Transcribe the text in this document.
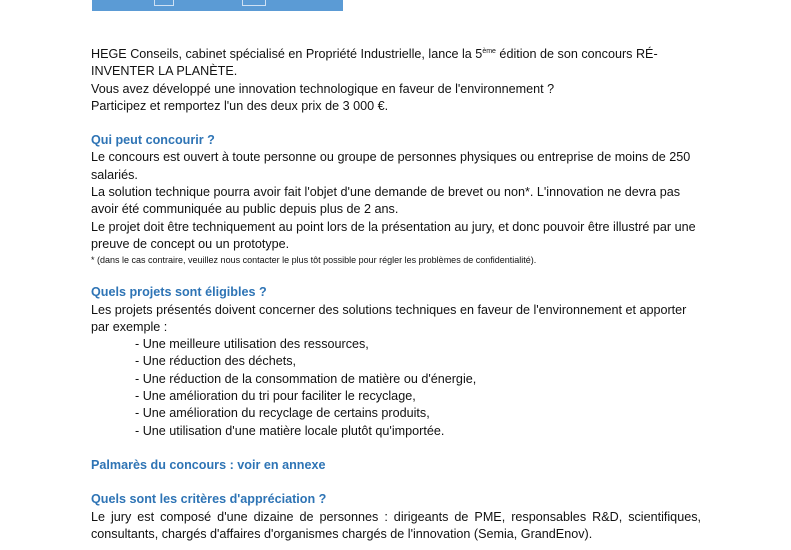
HEGE Conseils, cabinet spécialisé en Propriété Industrielle, lance la 5ème édition de son concours RÉ-INVENTER LA PLANÈTE.

Vous avez développé une innovation technologique en faveur de l'environnement ?

Participez et remportez l'un des deux prix de 3 000 €.

Qui peut concourir ?

Le concours est ouvert à toute personne ou groupe de personnes physiques ou entreprise de moins de 250 salariés.

La solution technique pourra avoir fait l'objet d'une demande de brevet ou non*. L'innovation ne devra pas avoir été communiquée au public depuis plus de 2 ans.

Le projet doit être techniquement au point lors de la présentation au jury, et donc pouvoir être illustré par une preuve de concept ou un prototype.

* (dans le cas contraire, veuillez nous contacter le plus tôt possible pour régler les problèmes de confidentialité).

Quels projets sont éligibles ?

Les projets présentés doivent concerner des solutions techniques en faveur de l'environnement et apporter par exemple :

- Une meilleure utilisation des ressources,
- Une réduction des déchets,
- Une réduction de la consommation de matière ou d'énergie,
- Une amélioration du tri pour faciliter le recyclage,
- Une amélioration du recyclage de certains produits,
- Une utilisation d'une matière locale plutôt qu'importée.

Palmarès du concours : voir en annexe

Quels sont les critères d'appréciation ?

Le jury est composé d'une dizaine de personnes : dirigeants de PME, responsables R&D, scientifiques, consultants, chargés d'affaires d'organismes chargés de l'innovation (Semia, GrandEnov).
